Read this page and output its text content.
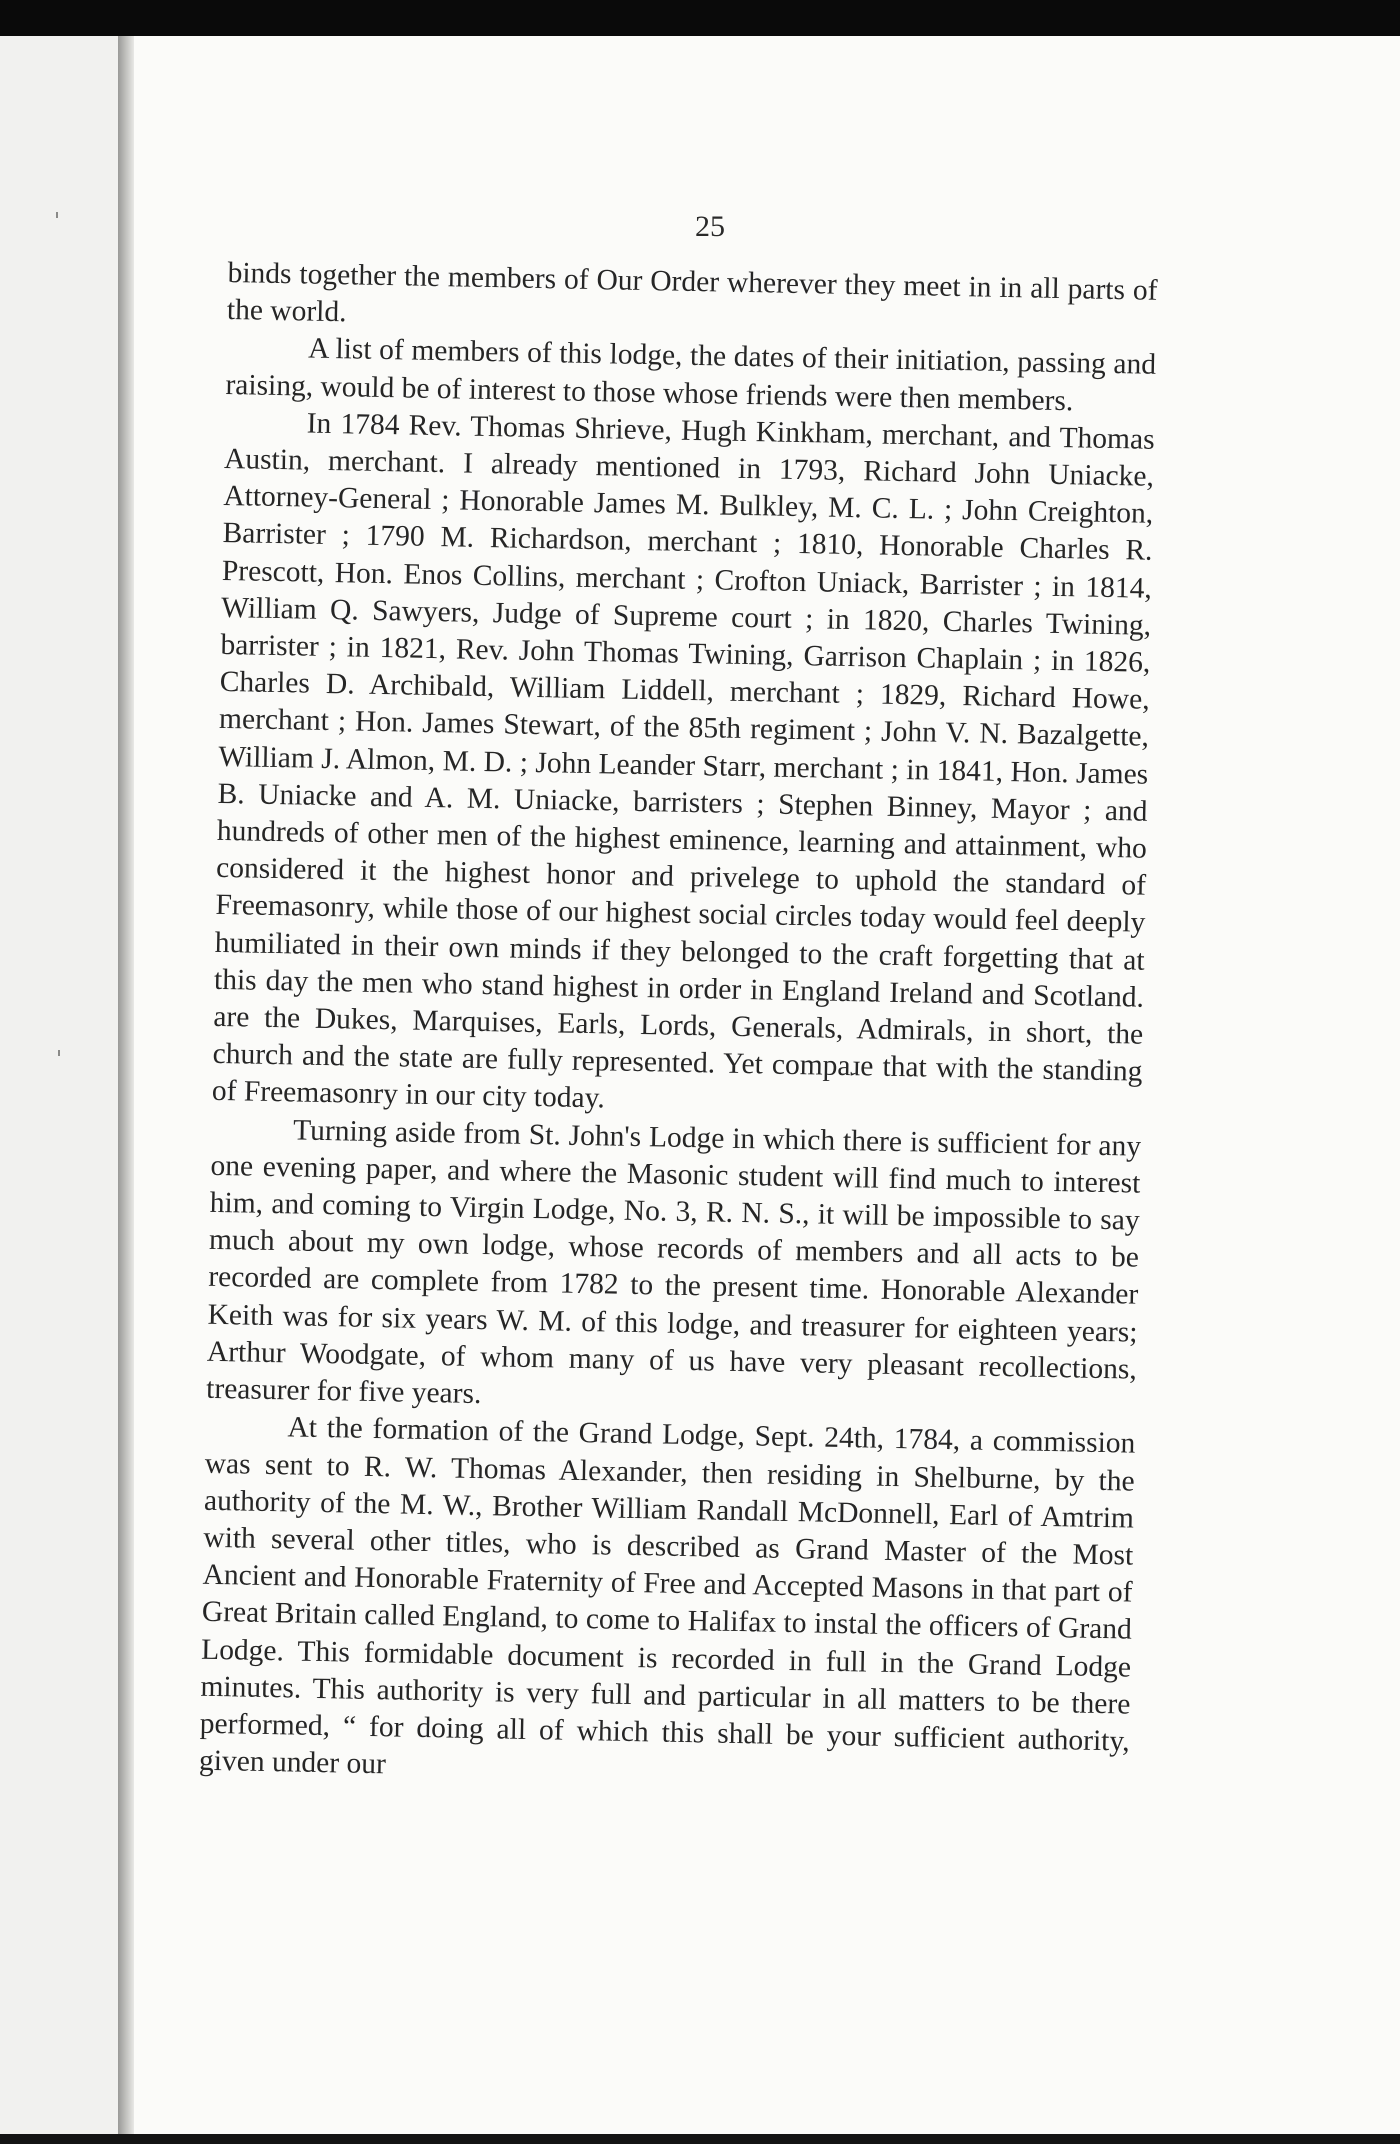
25

binds together the members of Our Order wherever they meet in in all parts of the world.

A list of members of this lodge, the dates of their initiation, passing and raising, would be of interest to those whose friends were then members.

In 1784 Rev. Thomas Shrieve, Hugh Kinkham, merchant, and Thomas Austin, merchant. I already mentioned in 1793, Richard John Uniacke, Attorney-General ; Honorable James M. Bulkley, M. C. L. ; John Creighton, Barrister ; 1790 M. Richardson, merchant ; 1810, Honorable Charles R. Prescott, Hon. Enos Collins, merchant ; Crofton Uniack, Barrister ; in 1814, William Q. Sawyers, Judge of Supreme court ; in 1820, Charles Twining, barrister ; in 1821, Rev. John Thomas Twining, Garrison Chaplain ; in 1826, Charles D. Archibald, William Liddell, merchant ; 1829, Richard Howe, merchant ; Hon. James Stewart, of the 85th regiment ; John V. N. Bazalgette, William J. Almon, M. D. ; John Leander Starr, merchant ; in 1841, Hon. James B. Uniacke and A. M. Uniacke, barristers ; Stephen Binney, Mayor ; and hundreds of other men of the highest eminence, learning and attainment, who considered it the highest honor and privelege to uphold the standard of Freemasonry, while those of our highest social circles today would feel deeply humiliated in their own minds if they belonged to the craft forgetting that at this day the men who stand highest in order in England Ireland and Scotland. are the Dukes, Marquises, Earls, Lords, Generals, Admirals, in short, the church and the state are fully represented. Yet compaɹe that with the standing of Freemasonry in our city today.

Turning aside from St. John's Lodge in which there is sufficient for any one evening paper, and where the Masonic student will find much to interest him, and coming to Virgin Lodge, No. 3, R. N. S., it will be impossible to say much about my own lodge, whose records of members and all acts to be recorded are complete from 1782 to the present time. Honorable Alexander Keith was for six years W. M. of this lodge, and treasurer for eighteen years; Arthur Woodgate, of whom many of us have very pleasant recollections, treasurer for five years.

At the formation of the Grand Lodge, Sept. 24th, 1784, a commission was sent to R. W. Thomas Alexander, then residing in Shelburne, by the authority of the M. W., Brother William Randall McDonnell, Earl of Amtrim with several other titles, who is described as Grand Master of the Most Ancient and Honorable Fraternity of Free and Accepted Masons in that part of Great Britain called England, to come to Halifax to instal the officers of Grand Lodge. This formidable document is recorded in full in the Grand Lodge minutes. This authority is very full and particular in all matters to be there performed, “ for doing all of which this shall be your sufficient authority, given under our
